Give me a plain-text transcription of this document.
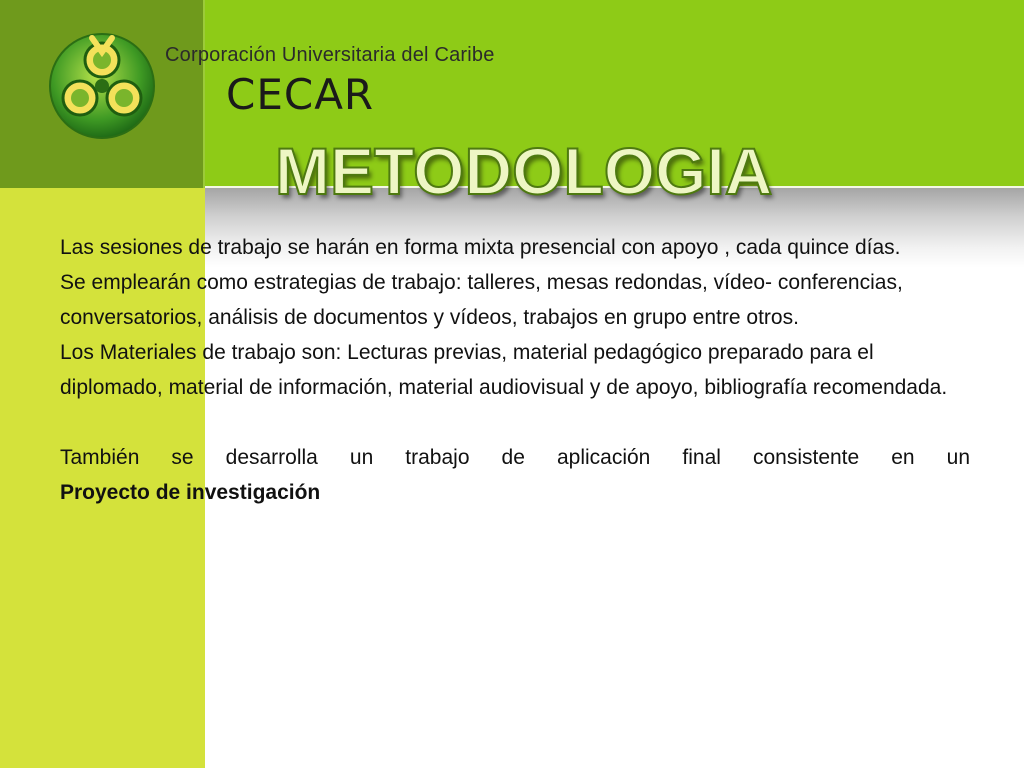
Corporación Universitaria del Caribe
CECAR
METODOLOGIA

Las sesiones de trabajo se harán en forma mixta presencial con apoyo , cada quince días.

Se emplearán como estrategias de trabajo: talleres, mesas redondas, vídeo- conferencias, conversatorios, análisis de documentos y vídeos, trabajos en grupo entre otros.

Los Materiales de trabajo son: Lecturas previas, material pedagógico preparado para el diplomado, material de información, material audiovisual y de apoyo, bibliografía recomendada.

También se desarrolla un trabajo de aplicación final consistente en un

Proyecto de investigación
